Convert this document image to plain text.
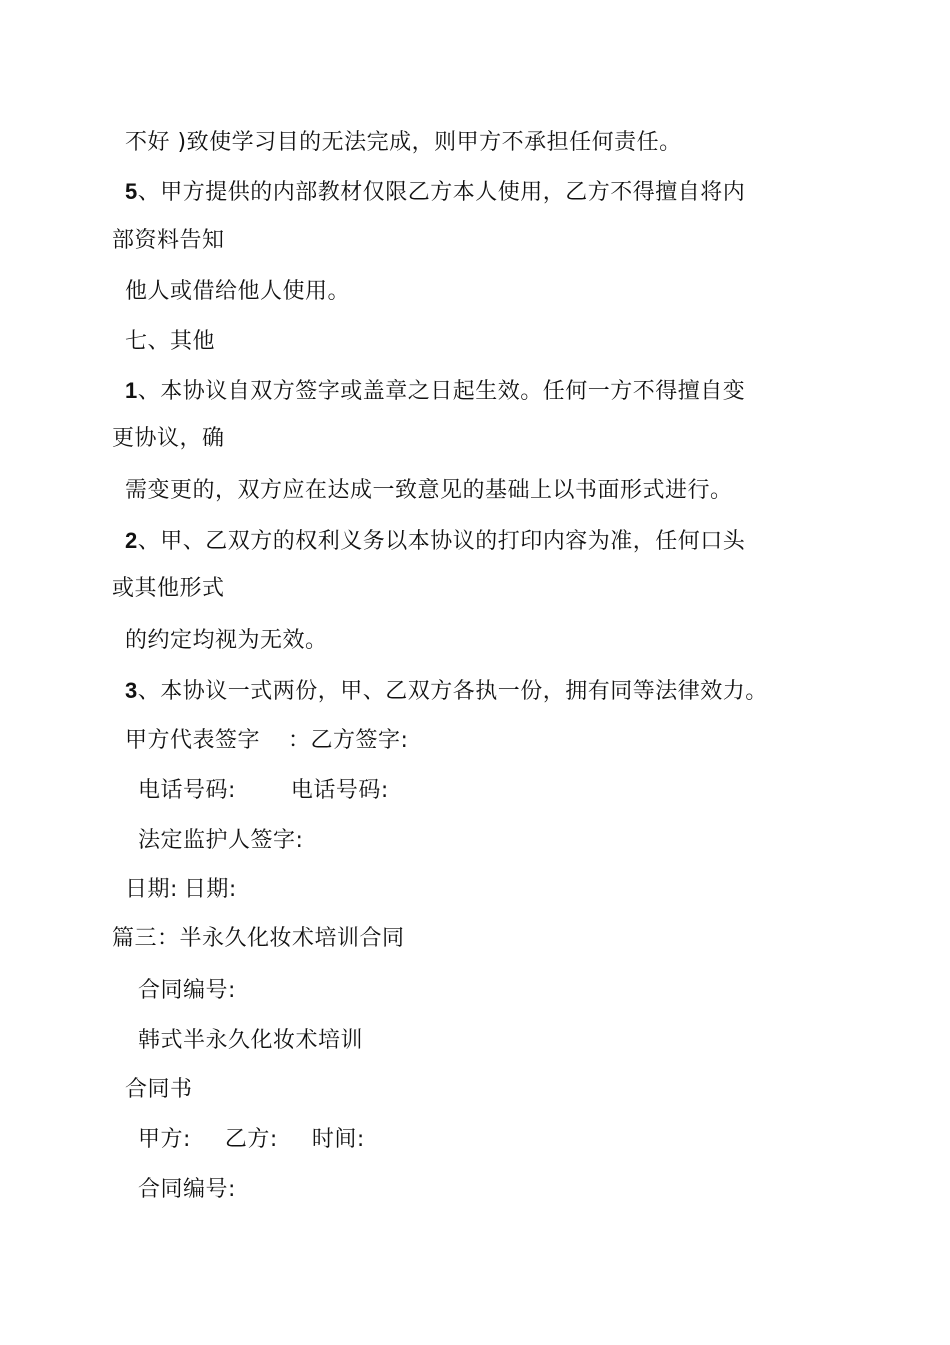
不好 )致使学习目的无法完成，则甲方不承担任何责任。
5、甲方提供的内部教材仅限乙方本人使用，乙方不得擅自将内
部资料告知
他人或借给他人使用。
七、其他
1、本协议自双方签字或盖章之日起生效。任何一方不得擅自变
更协议，确
需变更的，双方应在达成一致意见的基础上以书面形式进行。
2、甲、乙双方的权利义务以本协议的打印内容为准，任何口头
或其他形式
的约定均视为无效。
3、本协议一式两份，甲、乙双方各执一份，拥有同等法律效力。
甲方代表签字 ：乙方签字:
电话号码:	电话号码:
法定监护人签字:
日期: 日期:
篇三：半永久化妆术培训合同
合同编号:
韩式半永久化妆术培训
合同书
甲方: 乙方: 时间:
合同编号:
